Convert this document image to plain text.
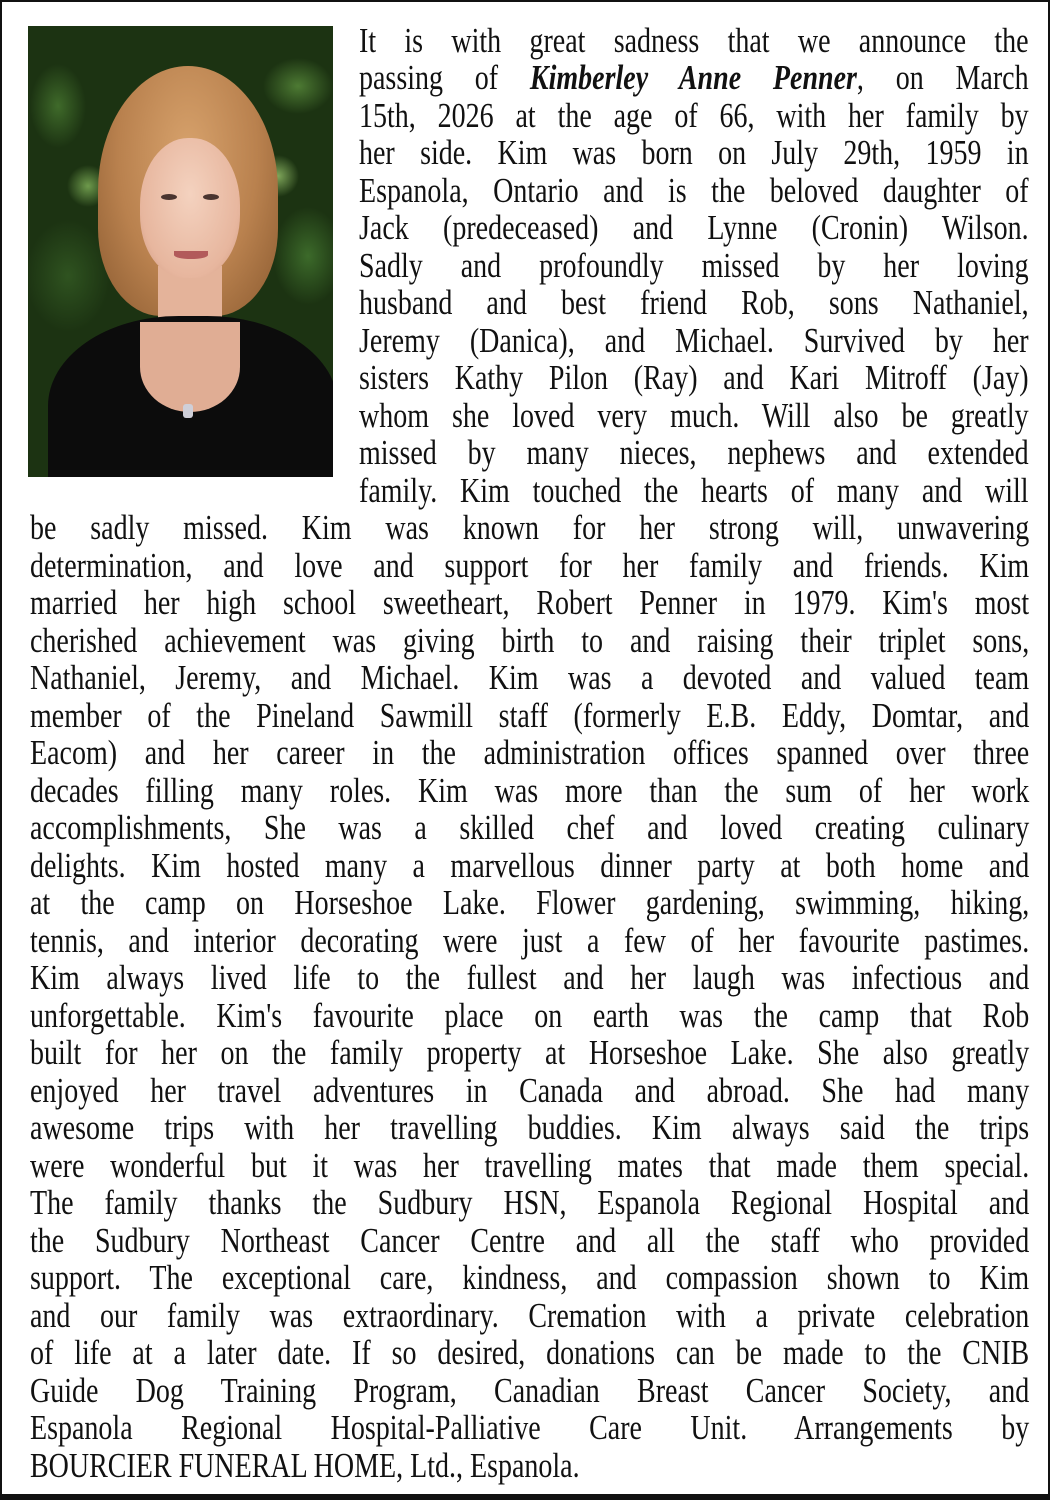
It is with great sadness that we announce the
passing of Kimberley Anne Penner, on March
15th, 2026 at the age of 66, with her family by
her side. Kim was born on July 29th, 1959 in
Espanola, Ontario and is the beloved daughter of
Jack (predeceased) and Lynne (Cronin) Wilson.
Sadly and profoundly missed by her loving
husband and best friend Rob, sons Nathaniel,
Jeremy (Danica), and Michael. Survived by her
sisters Kathy Pilon (Ray) and Kari Mitroff (Jay)
whom she loved very much. Will also be greatly
missed by many nieces, nephews and extended
family. Kim touched the hearts of many and will
be sadly missed. Kim was known for her strong will, unwavering
determination, and love and support for her family and friends. Kim
married her high school sweetheart, Robert Penner in 1979. Kim's most
cherished achievement was giving birth to and raising their triplet sons,
Nathaniel, Jeremy, and Michael. Kim was a devoted and valued team
member of the Pineland Sawmill staff (formerly E.B. Eddy, Domtar, and
Eacom) and her career in the administration offices spanned over three
decades filling many roles. Kim was more than the sum of her work
accomplishments, She was a skilled chef and loved creating culinary
delights. Kim hosted many a marvellous dinner party at both home and
at the camp on Horseshoe Lake. Flower gardening, swimming, hiking,
tennis, and interior decorating were just a few of her favourite pastimes.
Kim always lived life to the fullest and her laugh was infectious and
unforgettable. Kim's favourite place on earth was the camp that Rob
built for her on the family property at Horseshoe Lake. She also greatly
enjoyed her travel adventures in Canada and abroad. She had many
awesome trips with her travelling buddies. Kim always said the trips
were wonderful but it was her travelling mates that made them special.
The family thanks the Sudbury HSN, Espanola Regional Hospital and
the Sudbury Northeast Cancer Centre and all the staff who provided
support. The exceptional care, kindness, and compassion shown to Kim
and our family was extraordinary. Cremation with a private celebration
of life at a later date. If so desired, donations can be made to the CNIB
Guide Dog Training Program, Canadian Breast Cancer Society, and
Espanola Regional Hospital-Palliative Care Unit. Arrangements by
BOURCIER FUNERAL HOME, Ltd., Espanola.
